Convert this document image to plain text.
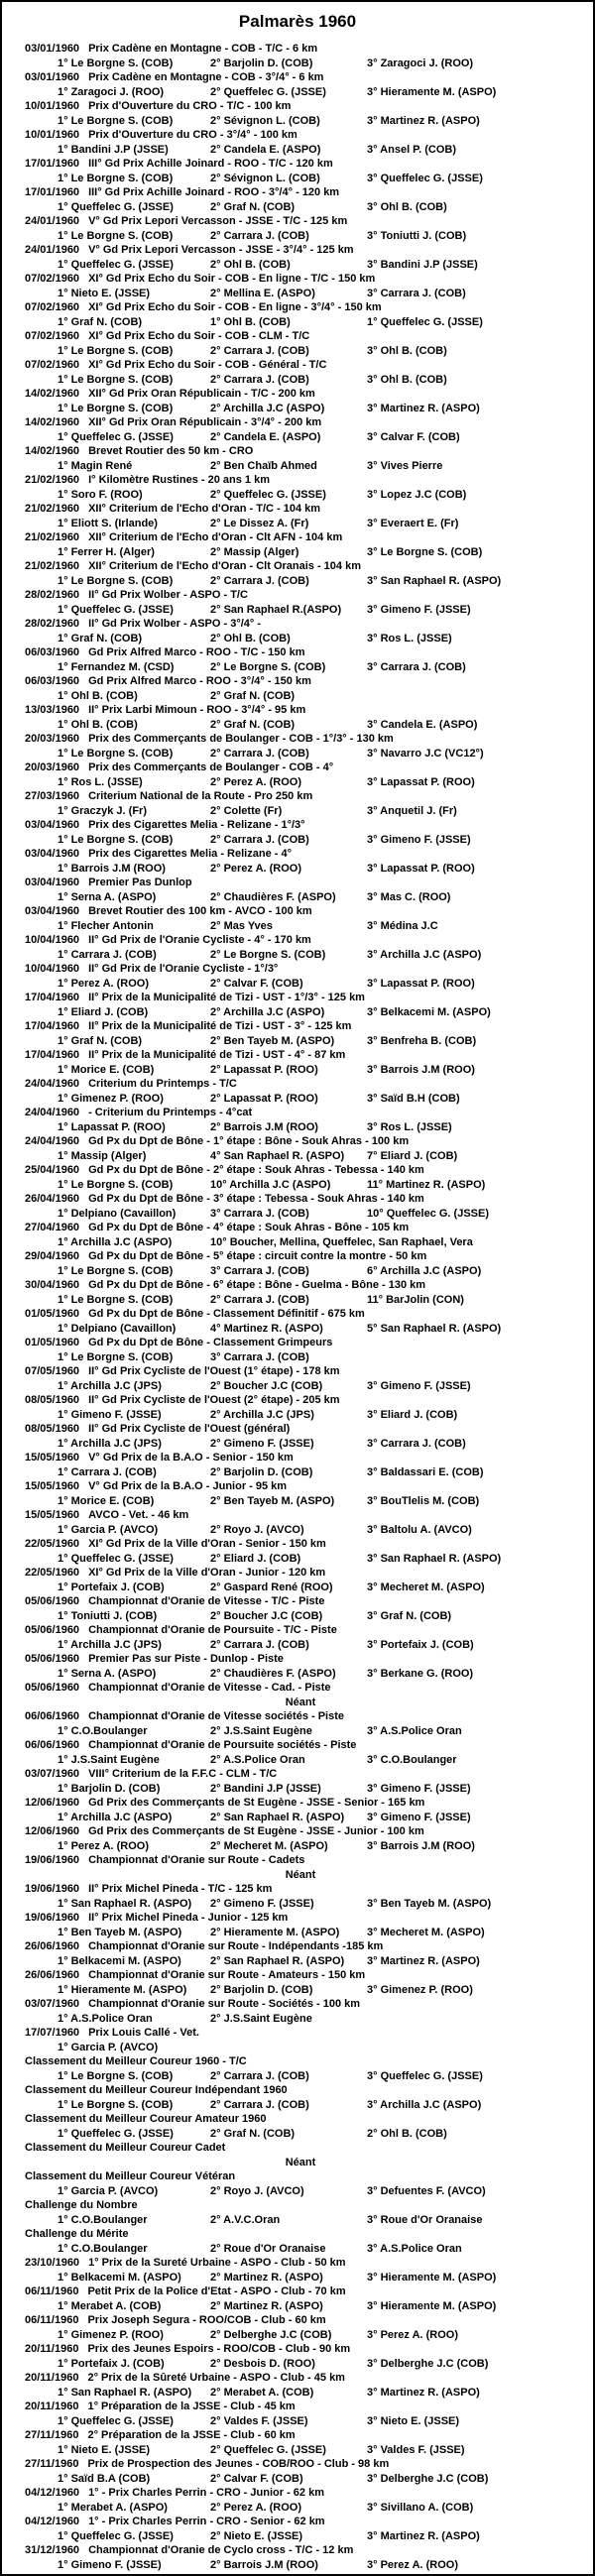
Palmarès 1960
03/01/1960 Prix Cadène en Montagne - COB - T/C - 6 km
1° Le Borgne S. (COB)	2° Barjolin D. (COB)	3° Zaragoci J. (ROO)
03/01/1960 Prix Cadène en Montagne - COB - 3°/4° - 6 km
1° Zaragoci J. (ROO)	2° Queffelec G. (JSSE)	3° Hieramente M. (ASPO)
10/01/1960 Prix d'Ouverture du CRO - T/C - 100 km
1° Le Borgne S. (COB)	2° Sévignon L. (COB)	3° Martinez R. (ASPO)
10/01/1960 Prix d'Ouverture du CRO - 3°/4° - 100 km
1° Bandini J.P (JSSE)	2° Candela E. (ASPO)	3° Ansel P. (COB)
17/01/1960 III° Gd Prix Achille Joinard - ROO - T/C - 120 km
1° Le Borgne S. (COB)	2° Sévignon L. (COB)	3° Queffelec G. (JSSE)
17/01/1960 III° Gd Prix Achille Joinard - ROO - 3°/4° - 120 km
1° Queffelec G. (JSSE)	2° Graf N. (COB)	3° Ohl B. (COB)
24/01/1960 V° Gd Prix Lepori Vercasson - JSSE - T/C - 125 km
1° Le Borgne S. (COB)	2° Carrara J. (COB)	3° Toniutti J. (COB)
24/01/1960 V° Gd Prix Lepori Vercasson - JSSE - 3°/4° - 125 km
1° Queffelec G. (JSSE)	2° Ohl B. (COB)	3° Bandini J.P (JSSE)
07/02/1960 XI° Gd Prix Echo du Soir - COB - En ligne - T/C - 150 km
1° Nieto E. (JSSE)	2° Mellina E. (ASPO)	3° Carrara J. (COB)
07/02/1960 XI° Gd Prix Echo du Soir - COB - En ligne - 3°/4° - 150 km
1° Graf N. (COB)	1° Ohl B. (COB)	1° Queffelec G. (JSSE)
07/02/1960 XI° Gd Prix Echo du Soir - COB - CLM - T/C
1° Le Borgne S. (COB)	2° Carrara J. (COB)	3° Ohl B. (COB)
07/02/1960 XI° Gd Prix Echo du Soir - COB - Général - T/C
1° Le Borgne S. (COB)	2° Carrara J. (COB)	3° Ohl B. (COB)
14/02/1960 XII° Gd Prix Oran Républicain - T/C - 200 km
1° Le Borgne S. (COB)	2° Archilla J.C (ASPO)	3° Martinez R. (ASPO)
14/02/1960 XII° Gd Prix Oran Républicain - 3°/4° - 200 km
1° Queffelec G. (JSSE)	2° Candela E. (ASPO)	3° Calvar F. (COB)
14/02/1960 Brevet Routier des 50 km - CRO
1° Magin René	2° Ben Chaïb Ahmed	3° Vives Pierre
21/02/1960 I° Kilomètre Rustines - 20 ans 1 km
1° Soro F. (ROO)	2° Queffelec G. (JSSE)	3° Lopez J.C (COB)
21/02/1960 XII° Criterium de l'Echo d'Oran - T/C - 104 km
1° Eliott S. (Irlande)	2° Le Dissez A. (Fr)	3° Everaert E. (Fr)
21/02/1960 XII° Criterium de l'Echo d'Oran - Clt AFN - 104 km
1° Ferrer H. (Alger)	2° Massip (Alger)	3° Le Borgne S. (COB)
21/02/1960 XII° Criterium de l'Echo d'Oran - Clt Oranais - 104 km
1° Le Borgne S. (COB)	2° Carrara J. (COB)	3° San Raphael R. (ASPO)
28/02/1960 II° Gd Prix Wolber - ASPO - T/C
1° Queffelec G. (JSSE)	2° San Raphael R.(ASPO) 3° Gimeno F. (JSSE)
28/02/1960 II° Gd Prix Wolber - ASPO - 3°/4° -
1° Graf N. (COB)	2° Ohl B. (COB)	3° Ros L. (JSSE)
06/03/1960 Gd Prix Alfred Marco - ROO - T/C - 150 km
1° Fernandez M. (CSD)	2° Le Borgne S. (COB)	3° Carrara J. (COB)
06/03/1960 Gd Prix Alfred Marco - ROO - 3°/4° - 150 km
1° Ohl B. (COB)	2° Graf N. (COB)
13/03/1960 II° Prix Larbi Mimoun - ROO - 3°/4° - 95 km
1° Ohl B. (COB)	2° Graf N. (COB)	3° Candela E. (ASPO)
20/03/1960 Prix des Commerçants de Boulanger - COB - 1°/3° - 130 km
1° Le Borgne S. (COB)	2° Carrara J. (COB)	3° Navarro J.C (VC12°)
20/03/1960 Prix des Commerçants de Boulanger - COB - 4°
1° Ros L. (JSSE)	2° Perez A. (ROO)	3° Lapassat P. (ROO)
27/03/1960 Criterium National de la Route - Pro 250 km
1° Graczyk J. (Fr)	2° Colette (Fr)	3° Anquetil J. (Fr)
03/04/1960 Prix des Cigarettes Melia - Relizane - 1°/3°
1° Le Borgne S. (COB)	2° Carrara J. (COB)	3° Gimeno F. (JSSE)
03/04/1960 Prix des Cigarettes Melia - Relizane - 4°
1° Barrois J.M (ROO)	2° Perez A. (ROO)	3° Lapassat P. (ROO)
03/04/1960 Premier Pas Dunlop
1° Serna A. (ASPO)	2° Chaudières F. (ASPO)	3° Mas C. (ROO)
03/04/1960 Brevet Routier des 100 km - AVCO - 100 km
1° Flecher Antonin	2° Mas Yves	3° Médina J.C
10/04/1960 II° Gd Prix de l'Oranie Cycliste - 4° - 170 km
1° Carrara J. (COB)	2° Le Borgne S. (COB)	3° Archilla J.C (ASPO)
10/04/1960 II° Gd Prix de l'Oranie Cycliste - 1°/3°
1° Perez A. (ROO)	2° Calvar F. (COB)	3° Lapassat P. (ROO)
17/04/1960 II° Prix de la Municipalité de Tizi - UST - 1°/3° - 125 km
1° Eliard J. (COB)	2° Archilla J.C (ASPO)	3° Belkacemi M. (ASPO)
17/04/1960 II° Prix de la Municipalité de Tizi - UST - 3° - 125 km
1° Graf N. (COB)	2° Ben Tayeb M. (ASPO)	3° Benfreha B. (COB)
17/04/1960 II° Prix de la Municipalité de Tizi - UST - 4° - 87 km
1° Morice E. (COB)	2° Lapassat P. (ROO)	3° Barrois J.M (ROO)
24/04/1960 Criterium du Printemps - T/C
1° Gimenez P. (ROO)	2° Lapassat P. (ROO)	3° Saïd B.H (COB)
24/04/1960 - Criterium du Printemps - 4°cat
1° Lapassat P. (ROO)	2° Barrois J.M (ROO)	3° Ros L. (JSSE)
24/04/1960 Gd Px du Dpt de Bône - 1° étape : Bône - Souk Ahras - 100 km
1° Massip (Alger)	4° San Raphael R. (ASPO) 7° Eliard J. (COB)
25/04/1960 Gd Px du Dpt de Bône - 2° étape : Souk Ahras - Tebessa - 140 km
1° Le Borgne S. (COB)	10° Archilla J.C (ASPO)	11° Martinez R. (ASPO)
26/04/1960 Gd Px du Dpt de Bône - 3° étape : Tebessa - Souk Ahras - 140 km
1° Delpiano (Cavaillon)	3° Carrara J. (COB)	10° Queffelec G. (JSSE)
27/04/1960 Gd Px du Dpt de Bône - 4° étape : Souk Ahras - Bône - 105 km
1° Archilla J.C (ASPO)	10° Boucher, Mellina, Queffelec, San Raphael, Vera
29/04/1960 Gd Px du Dpt de Bône - 5° étape : circuit contre la montre - 50 km
1° Le Borgne S. (COB)	3° Carrara J. (COB)	6° Archilla J.C (ASPO)
30/04/1960 Gd Px du Dpt de Bône - 6° étape : Bône - Guelma - Bône - 130 km
1° Le Borgne S. (COB)	2° Carrara J. (COB)	11° BarJolin (CON)
01/05/1960 Gd Px du Dpt de Bône - Classement Définitif - 675 km
1° Delpiano (Cavaillon)	4° Martinez R. (ASPO)	5° San Raphael R. (ASPO)
01/05/1960 Gd Px du Dpt de Bône - Classement Grimpeurs
1° Le Borgne S. (COB)	3° Carrara J. (COB)
07/05/1960 II° Gd Prix Cycliste de l'Ouest (1° étape) - 178 km
1° Archilla J.C (JPS)	2° Boucher J.C (COB)	3° Gimeno F. (JSSE)
08/05/1960 II° Gd Prix Cycliste de l'Ouest (2° étape) - 205 km
1° Gimeno F. (JSSE)	2° Archilla J.C (JPS)	3° Eliard J. (COB)
08/05/1960 II° Gd Prix Cycliste de l'Ouest (général)
1° Archilla J.C (JPS)	2° Gimeno F. (JSSE)	3° Carrara J. (COB)
15/05/1960 V° Gd Prix de la B.A.O - Senior - 150 km
1° Carrara J. (COB)	2° Barjolin D. (COB)	3° Baldassari E. (COB)
15/05/1960 V° Gd Prix de la B.A.O - Junior - 95 km
1° Morice E. (COB)	2° Ben Tayeb M. (ASPO)	3° BouTlelis M. (COB)
15/05/1960 AVCO - Vet. - 46 km
1° Garcia P. (AVCO)	2° Royo J. (AVCO)	3° Baltolu A. (AVCO)
22/05/1960 XI° Gd Prix de la Ville d'Oran - Senior - 150 km
1° Queffelec G. (JSSE)	2° Eliard J. (COB)	3° San Raphael R. (ASPO)
22/05/1960 XI° Gd Prix de la Ville d'Oran - Junior - 120 km
1° Portefaix J. (COB)	2° Gaspard René (ROO)	3° Mecheret M. (ASPO)
05/06/1960 Championnat d'Oranie de Vitesse - T/C - Piste
1° Toniutti J. (COB)	2° Boucher J.C (COB)	3° Graf N. (COB)
05/06/1960 Championnat d'Oranie de Poursuite - T/C - Piste
1° Archilla J.C (JPS)	2° Carrara J. (COB)	3° Portefaix J. (COB)
05/06/1960 Premier Pas sur Piste - Dunlop - Piste
1° Serna A. (ASPO)	2° Chaudières F. (ASPO)	3° Berkane G. (ROO)
05/06/1960 Championnat d'Oranie de Vitesse - Cad. - Piste
Néant
06/06/1960 Championnat d'Oranie de Vitesse sociétés - Piste
1° C.O.Boulanger	2° J.S.Saint Eugène	3° A.S.Police Oran
06/06/1960 Championnat d'Oranie de Poursuite sociétés - Piste
1° J.S.Saint Eugène	2° A.S.Police Oran	3° C.O.Boulanger
03/07/1960 VIII° Criterium de la F.F.C - CLM - T/C
1° Barjolin D. (COB)	2° Bandini J.P (JSSE)	3° Gimeno F. (JSSE)
12/06/1960 Gd Prix des Commerçants de St Eugène - JSSE - Senior - 165 km
1° Archilla J.C (ASPO)	2° San Raphael R. (ASPO) 3° Gimeno F. (JSSE)
12/06/1960 Gd Prix des Commerçants de St Eugène - JSSE - Junior - 100 km
1° Perez A. (ROO)	2° Mecheret M. (ASPO)	3° Barrois J.M (ROO)
19/06/1960 Championnat d'Oranie sur Route - Cadets
Néant
19/06/1960 II° Prix Michel Pineda - T/C - 125 km
1° San Raphael R. (ASPO) 2° Gimeno F. (JSSE)	3° Ben Tayeb M. (ASPO)
19/06/1960 II° Prix Michel Pineda - Junior - 125 km
1° Ben Tayeb M. (ASPO)	2° Hieramente M. (ASPO)	3° Mecheret M. (ASPO)
26/06/1960 Championnat d'Oranie sur Route - Indépendants -185 km
1° Belkacemi M. (ASPO)	2° San Raphael R. (ASPO) 3° Martinez R. (ASPO)
26/06/1960 Championnat d'Oranie sur Route - Amateurs - 150 km
1° Hieramente M. (ASPO) 2° Barjolin D. (COB)	3° Gimenez P. (ROO)
03/07/1960 Championnat d'Oranie sur Route - Sociétés - 100 km
1° A.S.Police Oran	2° J.S.Saint Eugène
17/07/1960 Prix Louis Callé - Vet.
1° Garcia P. (AVCO)
Classement du Meilleur Coureur 1960 - T/C
1° Le Borgne S. (COB)	2° Carrara J. (COB)	3° Queffelec G. (JSSE)
Classement du Meilleur Coureur Indépendant 1960
1° Le Borgne S. (COB)	2° Carrara J. (COB)	3° Archilla J.C (ASPO)
Classement du Meilleur Coureur Amateur 1960
1° Queffelec G. (JSSE)	2° Graf N. (COB)	2° Ohl B. (COB)
Classement du Meilleur Coureur Cadet
Néant
Classement du Meilleur Coureur Vétéran
1° Garcia P. (AVCO)	2° Royo J. (AVCO)	3° Defuentes F. (AVCO)
Challenge du Nombre
1° C.O.Boulanger	2° A.V.C.Oran	3° Roue d'Or Oranaise
Challenge du Mérite
1° C.O.Boulanger	2° Roue d'Or Oranaise	3° A.S.Police Oran
23/10/1960 1° Prix de la Sureté Urbaine - ASPO - Club - 50 km
1° Belkacemi M. (ASPO)	2° Martinez R. (ASPO)	3° Hieramente M. (ASPO)
06/11/1960 Petit Prix de la Police d'Etat - ASPO - Club - 70 km
1° Merabet A. (COB)	2° Martinez R. (ASPO)	3° Hieramente M. (ASPO)
06/11/1960 Prix Joseph Segura - ROO/COB - Club - 60 km
1° Gimenez P. (ROO)	2° Delberghe J.C (COB)	3° Perez A. (ROO)
20/11/1960 Prix des Jeunes Espoirs - ROO/COB - Club - 90 km
1° Portefaix J. (COB)	2° Desbois D. (ROO)	3° Delberghe J.C (COB)
20/11/1960 2° Prix de la Sûreté Urbaine - ASPO - Club - 45 km
1° San Raphael R. (ASPO) 2° Merabet A. (COB)	3° Martinez R. (ASPO)
20/11/1960 1° Préparation de la JSSE - Club - 45 km
1° Queffelec G. (JSSE)	2° Valdes F. (JSSE)	3° Nieto E. (JSSE)
27/11/1960 2° Préparation de la JSSE - Club - 60 km
1° Nieto E. (JSSE)	2° Queffelec G. (JSSE)	3° Valdes F. (JSSE)
27/11/1960 Prix de Prospection des Jeunes - COB/ROO - Club - 98 km
1° Saïd B.A (COB)	2° Calvar F. (COB)	3° Delberghe J.C (COB)
04/12/1960 1° - Prix Charles Perrin - CRO - Junior - 62 km
1° Merabet A. (ASPO)	2° Perez A. (ROO)	3° Sivillano A. (COB)
04/12/1960 1° - Prix Charles Perrin - CRO - Senior - 62 km
1° Queffelec G. (JSSE)	2° Nieto E. (JSSE)	3° Martinez R. (ASPO)
31/12/1960 Championnat d'Oranie de Cyclo cross - T/C - 12 km
1° Gimeno F. (JSSE)	2° Barrois J.M (ROO)	3° Perez A. (ROO)
